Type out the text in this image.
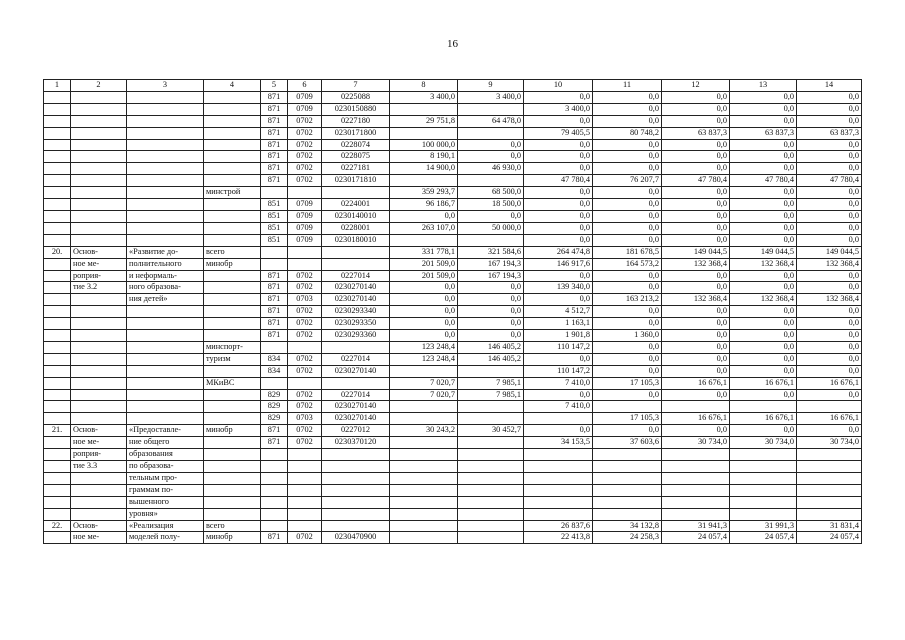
16
1	2	3	4	5	6	7	8	9	10	11	12	13	14
				871	0709	0225088	3 400,0	3 400,0	0,0	0,0	0,0	0,0	0,0
				871	0709	0230150880			3 400,0	0,0	0,0	0,0	0,0
				871	0702	0227180	29 751,8	64 478,0	0,0	0,0	0,0	0,0	0,0
				871	0702	0230171800			79 405,5	80 748,2	63 837,3	63 837,3	63 837,3
				871	0702	0228074	100 000,0	0,0	0,0	0,0	0,0	0,0	0,0
				871	0702	0228075	8 190,1	0,0	0,0	0,0	0,0	0,0	0,0
				871	0702	0227181	14 900,0	46 930,0	0,0	0,0	0,0	0,0	0,0
				871	0702	0230171810			47 780,4	76 207,7	47 780,4	47 780,4	47 780,4
			минстрой				359 293,7	68 500,0	0,0	0,0	0,0	0,0	0,0
				851	0709	0224001	96 186,7	18 500,0	0,0	0,0	0,0	0,0	0,0
				851	0709	0230140010	0,0	0,0	0,0	0,0	0,0	0,0	0,0
				851	0709	0228001	263 107,0	50 000,0	0,0	0,0	0,0	0,0	0,0
				851	0709	0230180010			0,0	0,0	0,0	0,0	0,0
20.	Основ-	«Развитие до-	всего				331 778,1	321 584,6	264 474,8	181 678,5	149 044,5	149 044,5	149 044,5
	ное ме-	полнительного	минобр				201 509,0	167 194,3	146 917,6	164 573,2	132 368,4	132 368,4	132 368,4
	роприя-	и неформаль-		871	0702	0227014	201 509,0	167 194,3	0,0	0,0	0,0	0,0	0,0
	тие 3.2	ного образова-		871	0702	0230270140	0,0	0,0	139 340,0	0,0	0,0	0,0	0,0
		ния детей»		871	0703	0230270140	0,0	0,0	0,0	163 213,2	132 368,4	132 368,4	132 368,4
				871	0702	0230293340	0,0	0,0	4 512,7	0,0	0,0	0,0	0,0
				871	0702	0230293350	0,0	0,0	1 163,1	0,0	0,0	0,0	0,0
				871	0702	0230293360	0,0	0,0	1 901,8	1 360,0	0,0	0,0	0,0
			минспорт-				123 248,4	146 405,2	110 147,2	0,0	0,0	0,0	0,0
			туризм	834	0702	0227014	123 248,4	146 405,2	0,0	0,0	0,0	0,0	0,0
				834	0702	0230270140			110 147,2	0,0	0,0	0,0	0,0
			МКиВС				7 020,7	7 985,1	7 410,0	17 105,3	16 676,1	16 676,1	16 676,1
				829	0702	0227014	7 020,7	7 985,1	0,0	0,0	0,0	0,0	0,0
				829	0702	0230270140			7 410,0				
				829	0703	0230270140				17 105,3	16 676,1	16 676,1	16 676,1
21.	Основ-	«Предоставле-	минобр	871	0702	0227012	30 243,2	30 452,7	0,0	0,0	0,0	0,0	0,0
	ное ме-	ние общего		871	0702	0230370120			34 153,5	37 603,6	30 734,0	30 734,0	30 734,0
	роприя-	образования											
	тие 3.3	по образова-											
		тельным про-											
		граммам по-											
		вышенного											
		уровня»											
22.	Основ-	«Реализация	всего						26 837,6	34 132,8	31 941,3	31 991,3	31 831,4
	ное ме-	моделей полу-	минобр	871	0702	0230470900			22 413,8	24 258,3	24 057,4	24 057,4	24 057,4
